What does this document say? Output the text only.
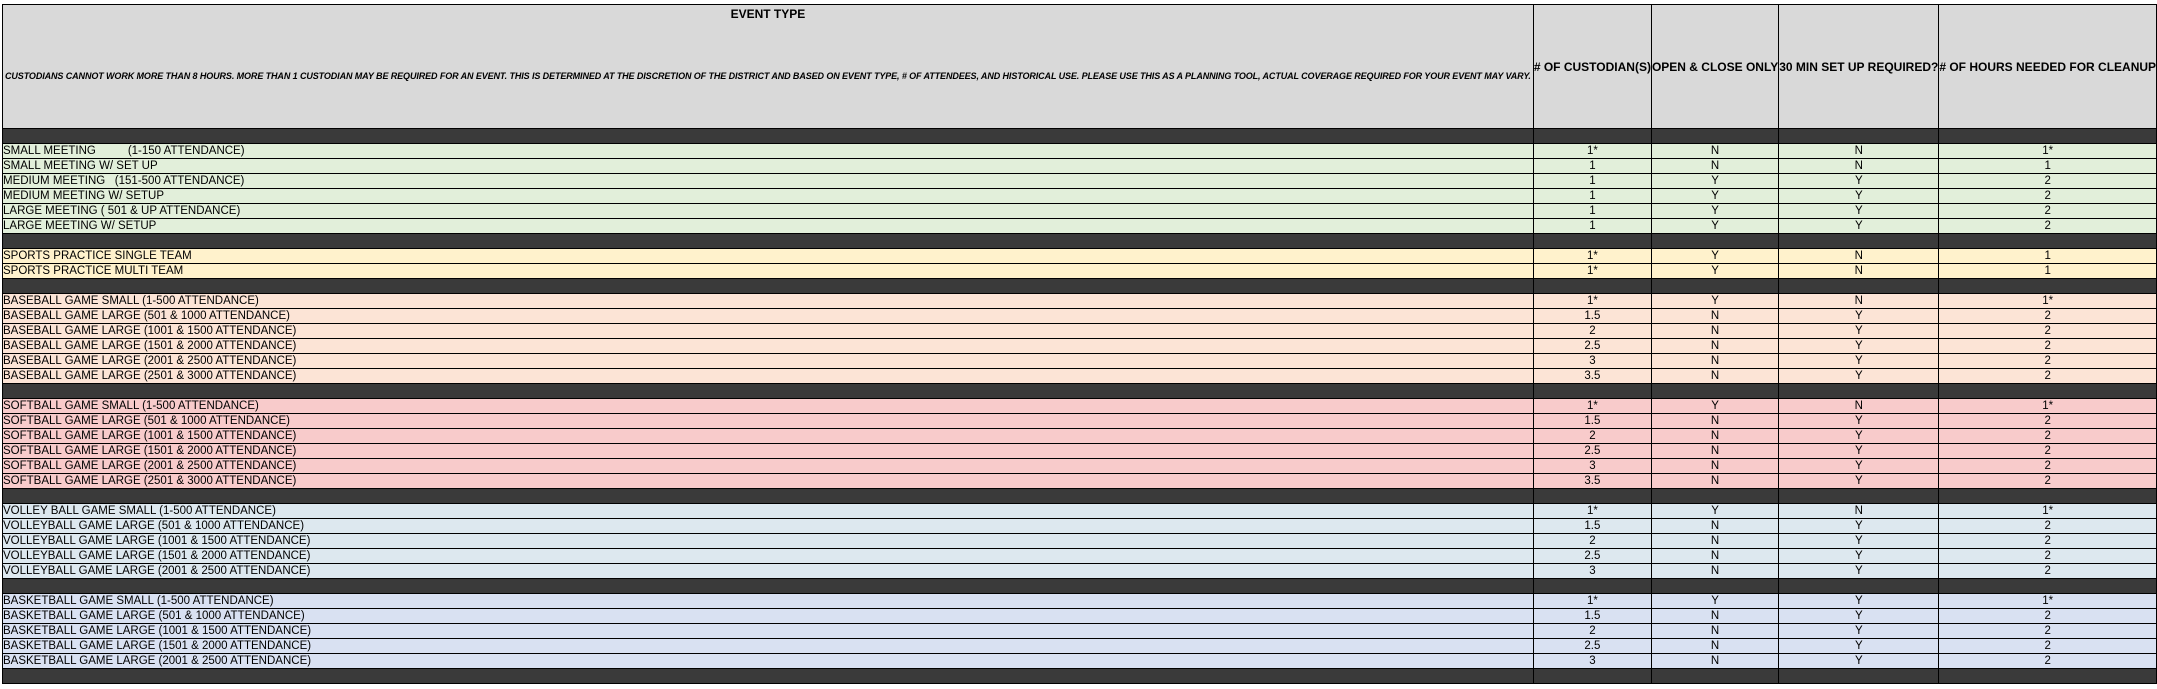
EVENT TYPE
CUSTODIANS CANNOT WORK MORE THAN 8 HOURS. MORE THAN 1 CUSTODIAN MAY BE REQUIRED FOR AN EVENT. THIS IS DETERMINED AT THE DISCRETION OF THE DISTRICT AND BASED ON EVENT TYPE, # OF ATTENDEES, AND HISTORICAL USE. PLEASE USE THIS AS A PLANNING TOOL, ACTUAL COVERAGE REQUIRED FOR YOUR EVENT MAY VARY.	# OF CUSTODIAN(S)	OPEN & CLOSE ONLY	30 MIN SET UP REQUIRED?	# OF HOURS NEEDED FOR CLEANUP

SMALL MEETING          (1-150 ATTENDANCE)	1*	N	N	1*
SMALL MEETING W/ SET UP	1	N	N	1
MEDIUM MEETING   (151-500 ATTENDANCE)	1	Y	Y	2
MEDIUM MEETING W/ SETUP	1	Y	Y	2
LARGE MEETING ( 501 & UP ATTENDANCE)	1	Y	Y	2
LARGE MEETING W/ SETUP	1	Y	Y	2

SPORTS PRACTICE SINGLE TEAM	1*	Y	N	1
SPORTS PRACTICE MULTI TEAM	1*	Y	N	1

BASEBALL GAME SMALL (1-500 ATTENDANCE)	1*	Y	N	1*
BASEBALL GAME LARGE (501 & 1000 ATTENDANCE)	1.5	N	Y	2
BASEBALL GAME LARGE (1001 & 1500 ATTENDANCE)	2	N	Y	2
BASEBALL GAME LARGE (1501 & 2000 ATTENDANCE)	2.5	N	Y	2
BASEBALL GAME LARGE (2001 & 2500 ATTENDANCE)	3	N	Y	2
BASEBALL GAME LARGE (2501 & 3000 ATTENDANCE)	3.5	N	Y	2

SOFTBALL GAME SMALL (1-500 ATTENDANCE)	1*	Y	N	1*
SOFTBALL GAME LARGE (501 & 1000 ATTENDANCE)	1.5	N	Y	2
SOFTBALL GAME LARGE (1001 & 1500 ATTENDANCE)	2	N	Y	2
SOFTBALL GAME LARGE (1501 & 2000 ATTENDANCE)	2.5	N	Y	2
SOFTBALL GAME LARGE (2001 & 2500 ATTENDANCE)	3	N	Y	2
SOFTBALL GAME LARGE (2501 & 3000 ATTENDANCE)	3.5	N	Y	2

VOLLEY BALL GAME SMALL (1-500 ATTENDANCE)	1*	Y	N	1*
VOLLEYBALL GAME LARGE (501 & 1000 ATTENDANCE)	1.5	N	Y	2
VOLLEYBALL GAME LARGE (1001 & 1500 ATTENDANCE)	2	N	Y	2
VOLLEYBALL GAME LARGE (1501 & 2000 ATTENDANCE)	2.5	N	Y	2
VOLLEYBALL GAME LARGE (2001 & 2500 ATTENDANCE)	3	N	Y	2

BASKETBALL GAME SMALL (1-500 ATTENDANCE)	1*	Y	Y	1*
BASKETBALL GAME LARGE (501 & 1000 ATTENDANCE)	1.5	N	Y	2
BASKETBALL GAME LARGE (1001 & 1500 ATTENDANCE)	2	N	Y	2
BASKETBALL GAME LARGE (1501 & 2000 ATTENDANCE)	2.5	N	Y	2
BASKETBALL GAME LARGE (2001 & 2500 ATTENDANCE)	3	N	Y	2
